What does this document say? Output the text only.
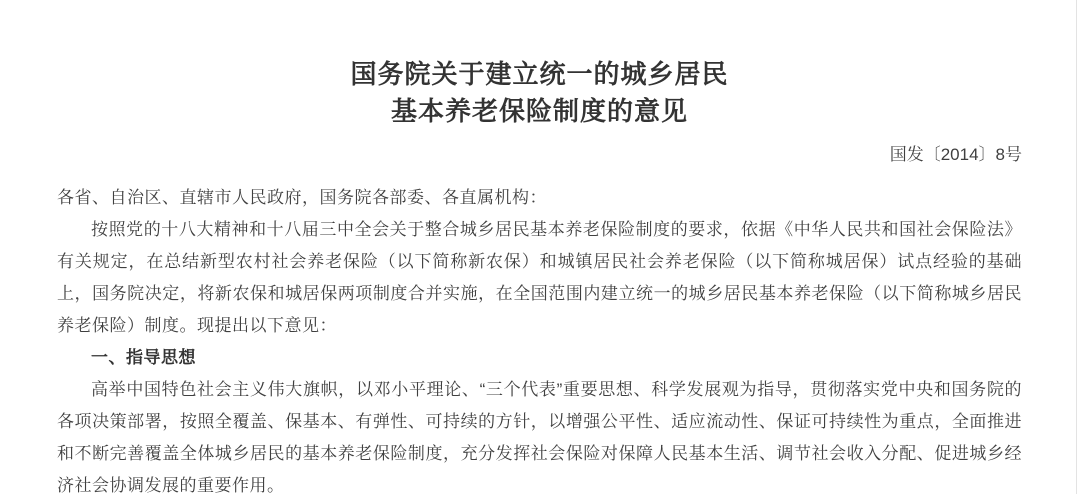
国务院关于建立统一的城乡居民
基本养老保险制度的意见
国发〔2014〕8号

各省、自治区、直辖市人民政府，国务院各部委、各直属机构：

按照党的十八大精神和十八届三中全会关于整合城乡居民基本养老保险制度的要求，依据《中华人民共和国社会保险法》有关规定，在总结新型农村社会养老保险（以下简称新农保）和城镇居民社会养老保险（以下简称城居保）试点经验的基础上，国务院决定，将新农保和城居保两项制度合并实施，在全国范围内建立统一的城乡居民基本养老保险（以下简称城乡居民养老保险）制度。现提出以下意见：

一、指导思想

高举中国特色社会主义伟大旗帜，以邓小平理论、“三个代表”重要思想、科学发展观为指导，贯彻落实党中央和国务院的各项决策部署，按照全覆盖、保基本、有弹性、可持续的方针，以增强公平性、适应流动性、保证可持续性为重点，全面推进和不断完善覆盖全体城乡居民的基本养老保险制度，充分发挥社会保险对保障人民基本生活、调节社会收入分配、促进城乡经济社会协调发展的重要作用。
